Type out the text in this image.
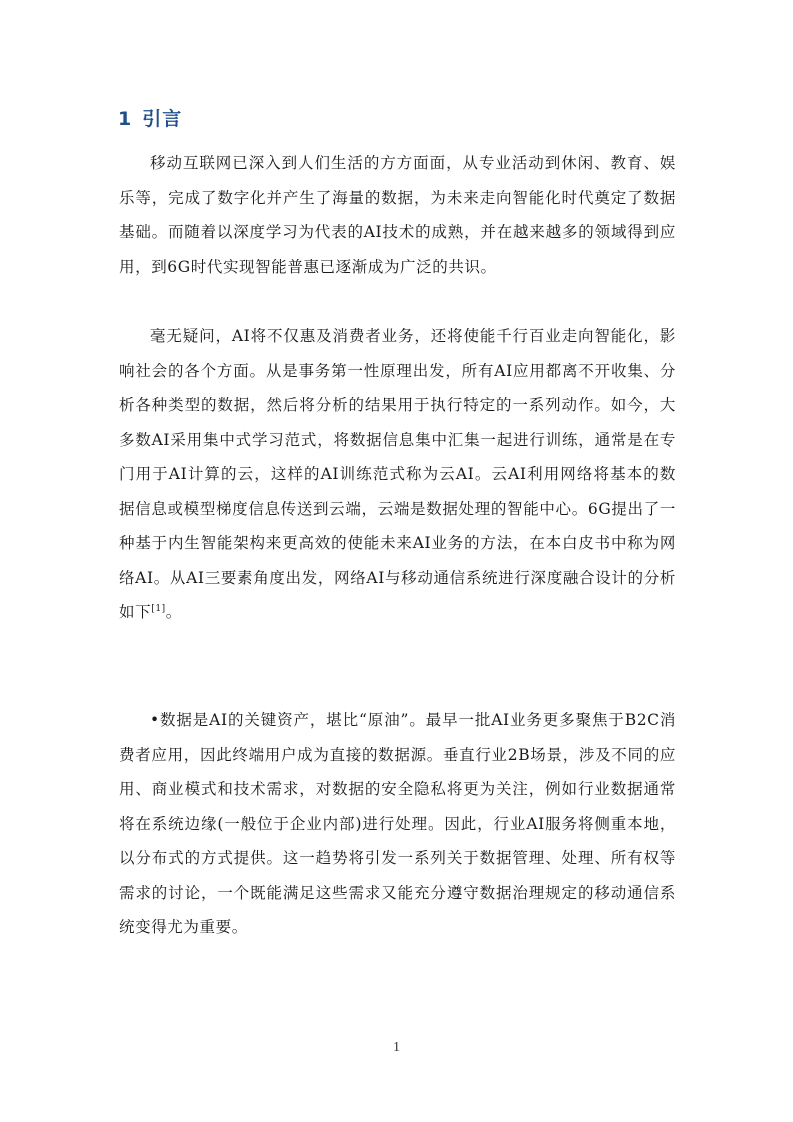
1 引言

移动互联网已深入到人们生活的方方面面，从专业活动到休闲、教育、娱乐等，完成了数字化并产生了海量的数据，为未来走向智能化时代奠定了数据基础。而随着以深度学习为代表的AI技术的成熟，并在越来越多的领域得到应用，到6G时代实现智能普惠已逐渐成为广泛的共识。

毫无疑问，AI将不仅惠及消费者业务，还将使能千行百业走向智能化，影响社会的各个方面。从是事务第一性原理出发，所有AI应用都离不开收集、分析各种类型的数据，然后将分析的结果用于执行特定的一系列动作。如今，大多数AI采用集中式学习范式，将数据信息集中汇集一起进行训练，通常是在专门用于AI计算的云，这样的AI训练范式称为云AI。云AI利用网络将基本的数据信息或模型梯度信息传送到云端，云端是数据处理的智能中心。6G提出了一种基于内生智能架构来更高效的使能未来AI业务的方法，在本白皮书中称为网络AI。从AI三要素角度出发，网络AI与移动通信系统进行深度融合设计的分析如下[1]。

•数据是AI的关键资产，堪比“原油”。最早一批AI业务更多聚焦于B2C消费者应用，因此终端用户成为直接的数据源。垂直行业2B场景，涉及不同的应用、商业模式和技术需求，对数据的安全隐私将更为关注，例如行业数据通常将在系统边缘(一般位于企业内部)进行处理。因此，行业AI服务将侧重本地，以分布式的方式提供。这一趋势将引发一系列关于数据管理、处理、所有权等需求的讨论，一个既能满足这些需求又能充分遵守数据治理规定的移动通信系统变得尤为重要。

1
